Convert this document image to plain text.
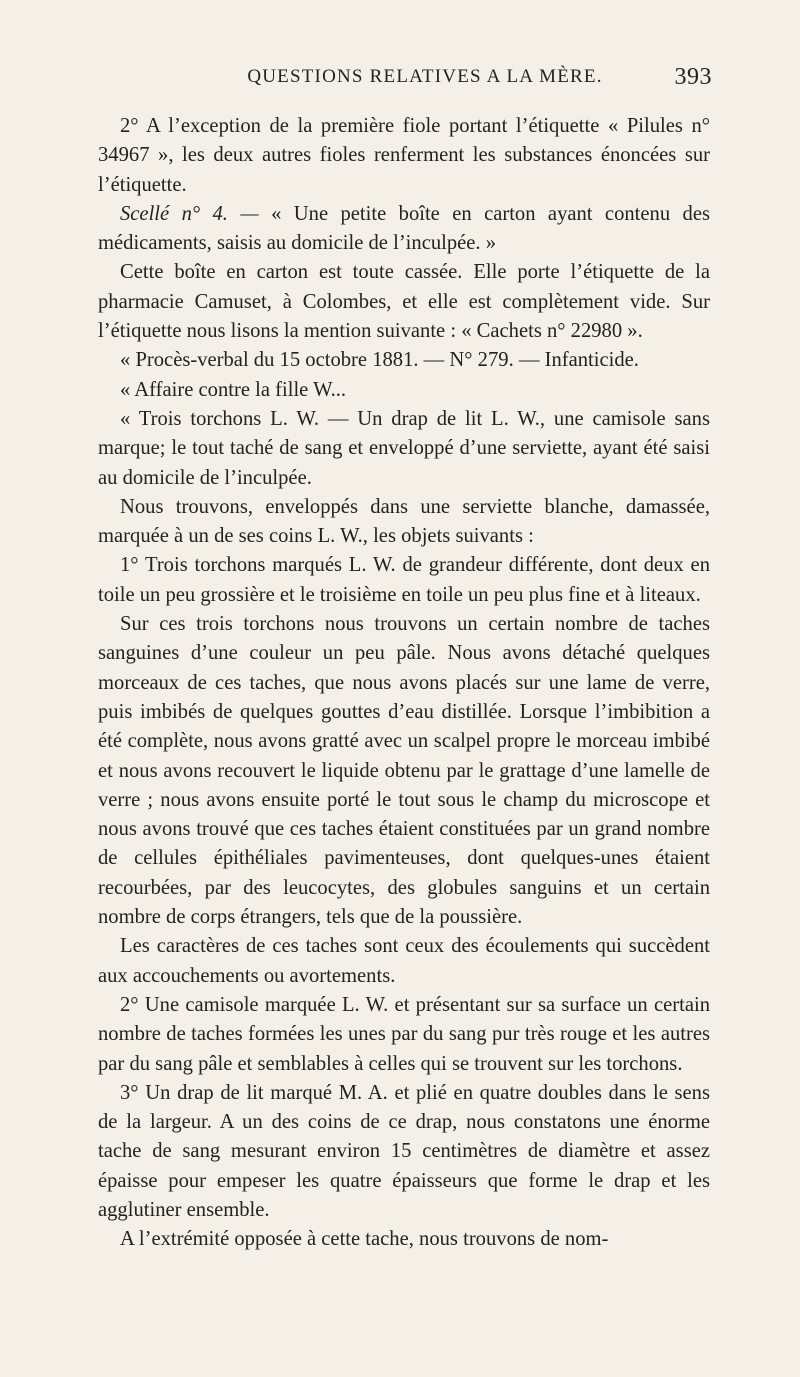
QUESTIONS RELATIVES A LA MÈRE.	393

2° A l’exception de la première fiole portant l’étiquette « Pilules n° 34967 », les deux autres fioles renferment les substances énoncées sur l’étiquette.

Scellé n° 4. — « Une petite boîte en carton ayant contenu des médicaments, saisis au domicile de l’inculpée. »

Cette boîte en carton est toute cassée. Elle porte l’étiquette de la pharmacie Camuset, à Colombes, et elle est complètement vide. Sur l’étiquette nous lisons la mention suivante : « Cachets n° 22980 ».

« Procès-verbal du 15 octobre 1881. — N° 279. — Infanticide.

« Affaire contre la fille W...

« Trois torchons L. W. — Un drap de lit L. W., une camisole sans marque; le tout taché de sang et enveloppé d’une serviette, ayant été saisi au domicile de l’inculpée.

Nous trouvons, enveloppés dans une serviette blanche, damassée, marquée à un de ses coins L. W., les objets suivants :

1° Trois torchons marqués L. W. de grandeur différente, dont deux en toile un peu grossière et le troisième en toile un peu plus fine et à liteaux.

Sur ces trois torchons nous trouvons un certain nombre de taches sanguines d’une couleur un peu pâle. Nous avons détaché quelques morceaux de ces taches, que nous avons placés sur une lame de verre, puis imbibés de quelques gouttes d’eau distillée. Lorsque l’imbibition a été complète, nous avons gratté avec un scalpel propre le morceau imbibé et nous avons recouvert le liquide obtenu par le grattage d’une lamelle de verre ; nous avons ensuite porté le tout sous le champ du microscope et nous avons trouvé que ces taches étaient constituées par un grand nombre de cellules épithéliales pavimenteuses, dont quelques-unes étaient recourbées, par des leucocytes, des globules sanguins et un certain nombre de corps étrangers, tels que de la poussière.

Les caractères de ces taches sont ceux des écoulements qui succèdent aux accouchements ou avortements.

2° Une camisole marquée L. W. et présentant sur sa surface un certain nombre de taches formées les unes par du sang pur très rouge et les autres par du sang pâle et semblables à celles qui se trouvent sur les torchons.

3° Un drap de lit marqué M. A. et plié en quatre doubles dans le sens de la largeur. A un des coins de ce drap, nous constatons une énorme tache de sang mesurant environ 15 centimètres de diamètre et assez épaisse pour empeser les quatre épaisseurs que forme le drap et les agglutiner ensemble.

A l’extrémité opposée à cette tache, nous trouvons de nom-
